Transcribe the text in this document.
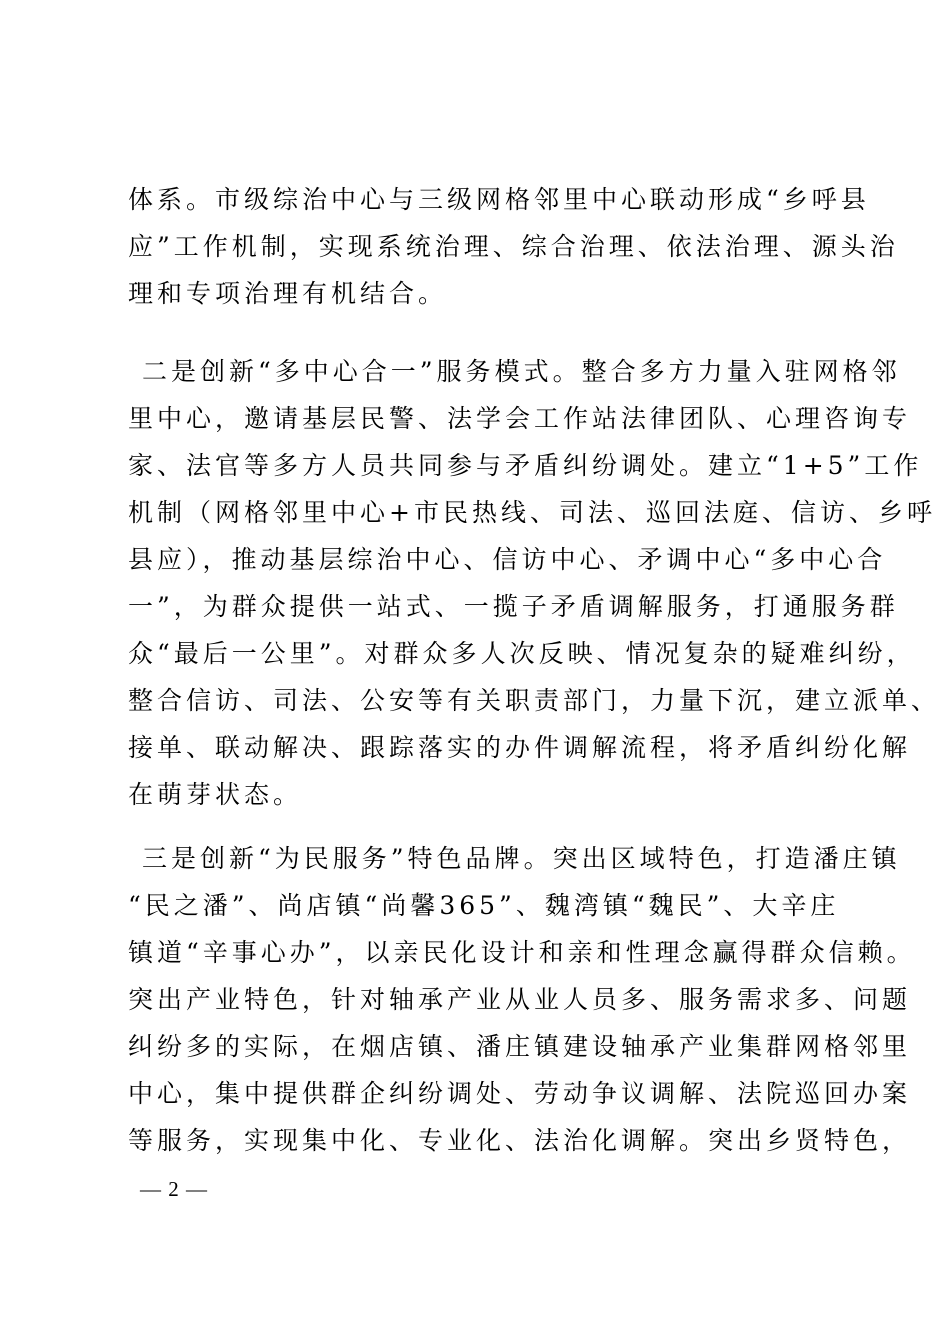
体系。市级综治中心与三级网格邻里中心联动形成“乡呼县
应”工作机制，实现系统治理、综合治理、依法治理、源头治
理和专项治理有机结合。
二是创新“多中心合一”服务模式。整合多方力量入驻网格邻
里中心，邀请基层民警、法学会工作站法律团队、心理咨询专
家、法官等多方人员共同参与矛盾纠纷调处。建立“1+5”工作
机制（网格邻里中心+市民热线、司法、巡回法庭、信访、乡呼
县应），推动基层综治中心、信访中心、矛调中心“多中心合
一”，为群众提供一站式、一揽子矛盾调解服务，打通服务群
众“最后一公里”。对群众多人次反映、情况复杂的疑难纠纷，
整合信访、司法、公安等有关职责部门，力量下沉，建立派单、
接单、联动解决、跟踪落实的办件调解流程，将矛盾纠纷化解
在萌芽状态。
三是创新“为民服务”特色品牌。突出区域特色，打造潘庄镇
“民之潘”、尚店镇“尚馨365”、魏湾镇“魏民”、大辛庄
镇道“辛事心办”，以亲民化设计和亲和性理念赢得群众信赖。
突出产业特色，针对轴承产业从业人员多、服务需求多、问题
纠纷多的实际，在烟店镇、潘庄镇建设轴承产业集群网格邻里
中心，集中提供群企纠纷调处、劳动争议调解、法院巡回办案
等服务，实现集中化、专业化、法治化调解。突出乡贤特色，
— 2 —
